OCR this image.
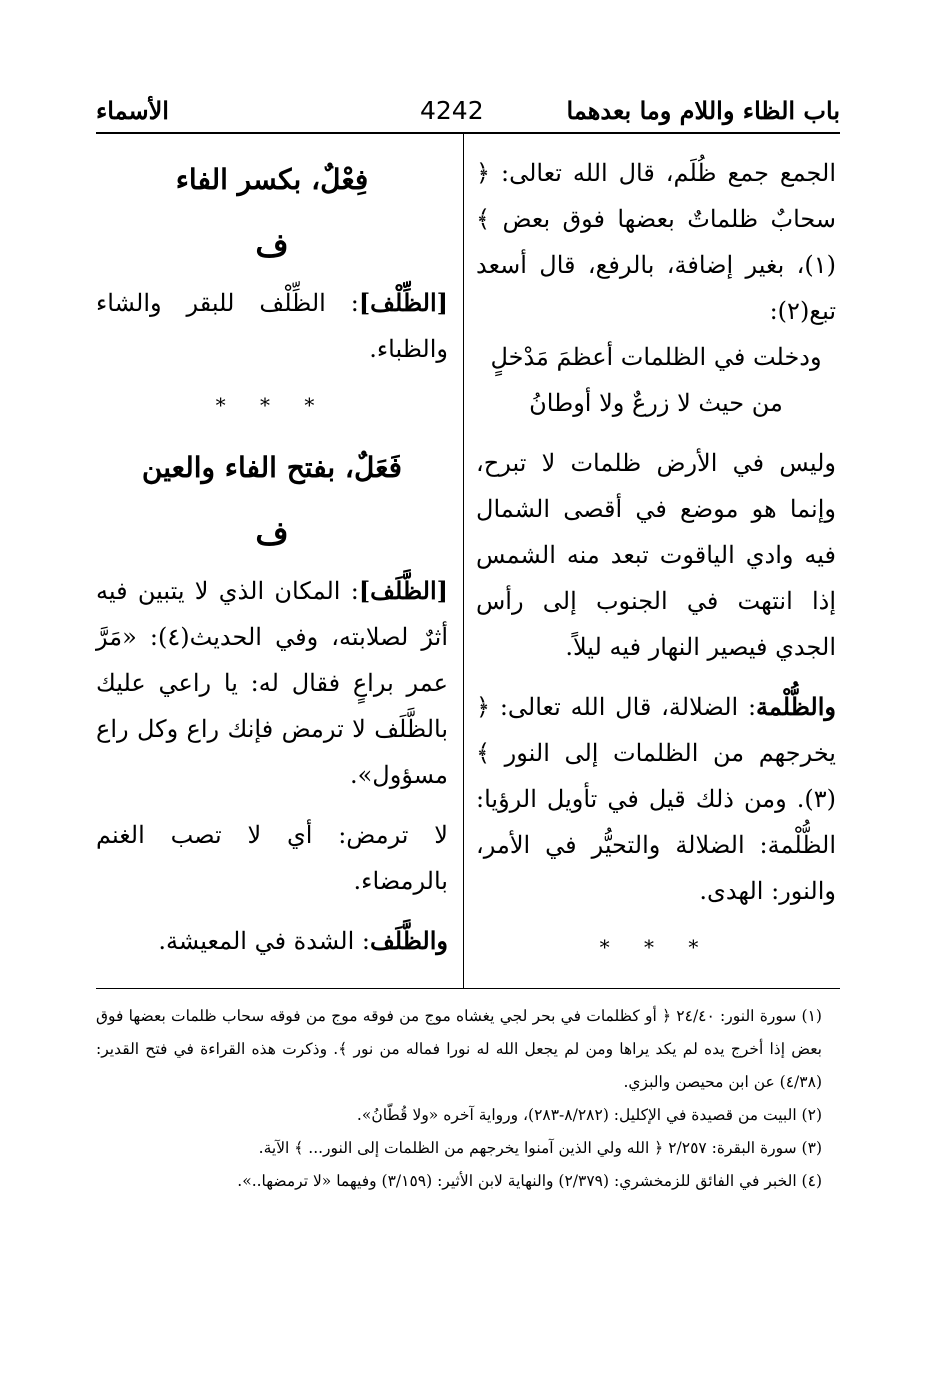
باب الظاء واللام وما بعدهما
4242
الأسماء

الجمع جمع ظُلَم، قال الله تعالى: ﴿ سحابٌ ظلماتٌ بعضها فوق بعض ﴾(١)، بغير إضافة، بالرفع، قال أسعد تبع(٢):

ودخلت في الظلمات أعظمَ مَدْخلٍ

من حيث لا زرعٌ ولا أوطانُ

وليس في الأرض ظلمات لا تبرح، وإنما هو موضع في أقصى الشمال فيه وادي الياقوت تبعد منه الشمس إذا انتهت في الجنوب إلى رأس الجدي فيصير النهار فيه ليلاً.

والظُّلْمة: الضلالة، قال الله تعالى: ﴿ يخرجهم من الظلمات إلى النور ﴾(٣). ومن ذلك قيل في تأويل الرؤيا: الظُّلْمة: الضلالة والتحيُّر في الأمر، والنور: الهدى.

* * *

فِعْلٌ، بكسر الفاء

ف

[الظِّلْف]: الظِّلْف للبقر والشاء والظباء.

* * *

فَعَلٌ، بفتح الفاء والعين

ف

[الظَّلَف]: المكان الذي لا يتبين فيه أثرٌ لصلابته، وفي الحديث(٤): «مَرَّ عمر براعٍ فقال له: يا راعي عليك بالظَّلَف لا ترمض فإنك راع وكل راع مسؤول».

لا ترمض: أي لا تصب الغنم بالرمضاء.

والظَّلَف: الشدة في المعيشة.

(١) سورة النور: ٢٤/٤٠ ﴿ أو كظلمات في بحر لجي يغشاه موج من فوقه موج من فوقه سحاب ظلمات بعضها فوق بعض إذا أخرج يده لم يكد يراها ومن لم يجعل الله له نورا فماله من نور ﴾. وذكرت هذه القراءة في فتح القدير: (٤/٣٨) عن ابن محيصن والبزي.

(٢) البيت من قصيدة في الإكليل: (٨/٢٨٢-٢٨٣)، ورواية آخره «ولا قُطّانُ».

(٣) سورة البقرة: ٢/٢٥٧ ﴿ الله ولي الذين آمنوا يخرجهم من الظلمات إلى النور... ﴾ الآية.

(٤) الخبر في الفائق للزمخشري: (٢/٣٧٩) والنهاية لابن الأثير: (٣/١٥٩) وفيهما «لا ترمضها..».
